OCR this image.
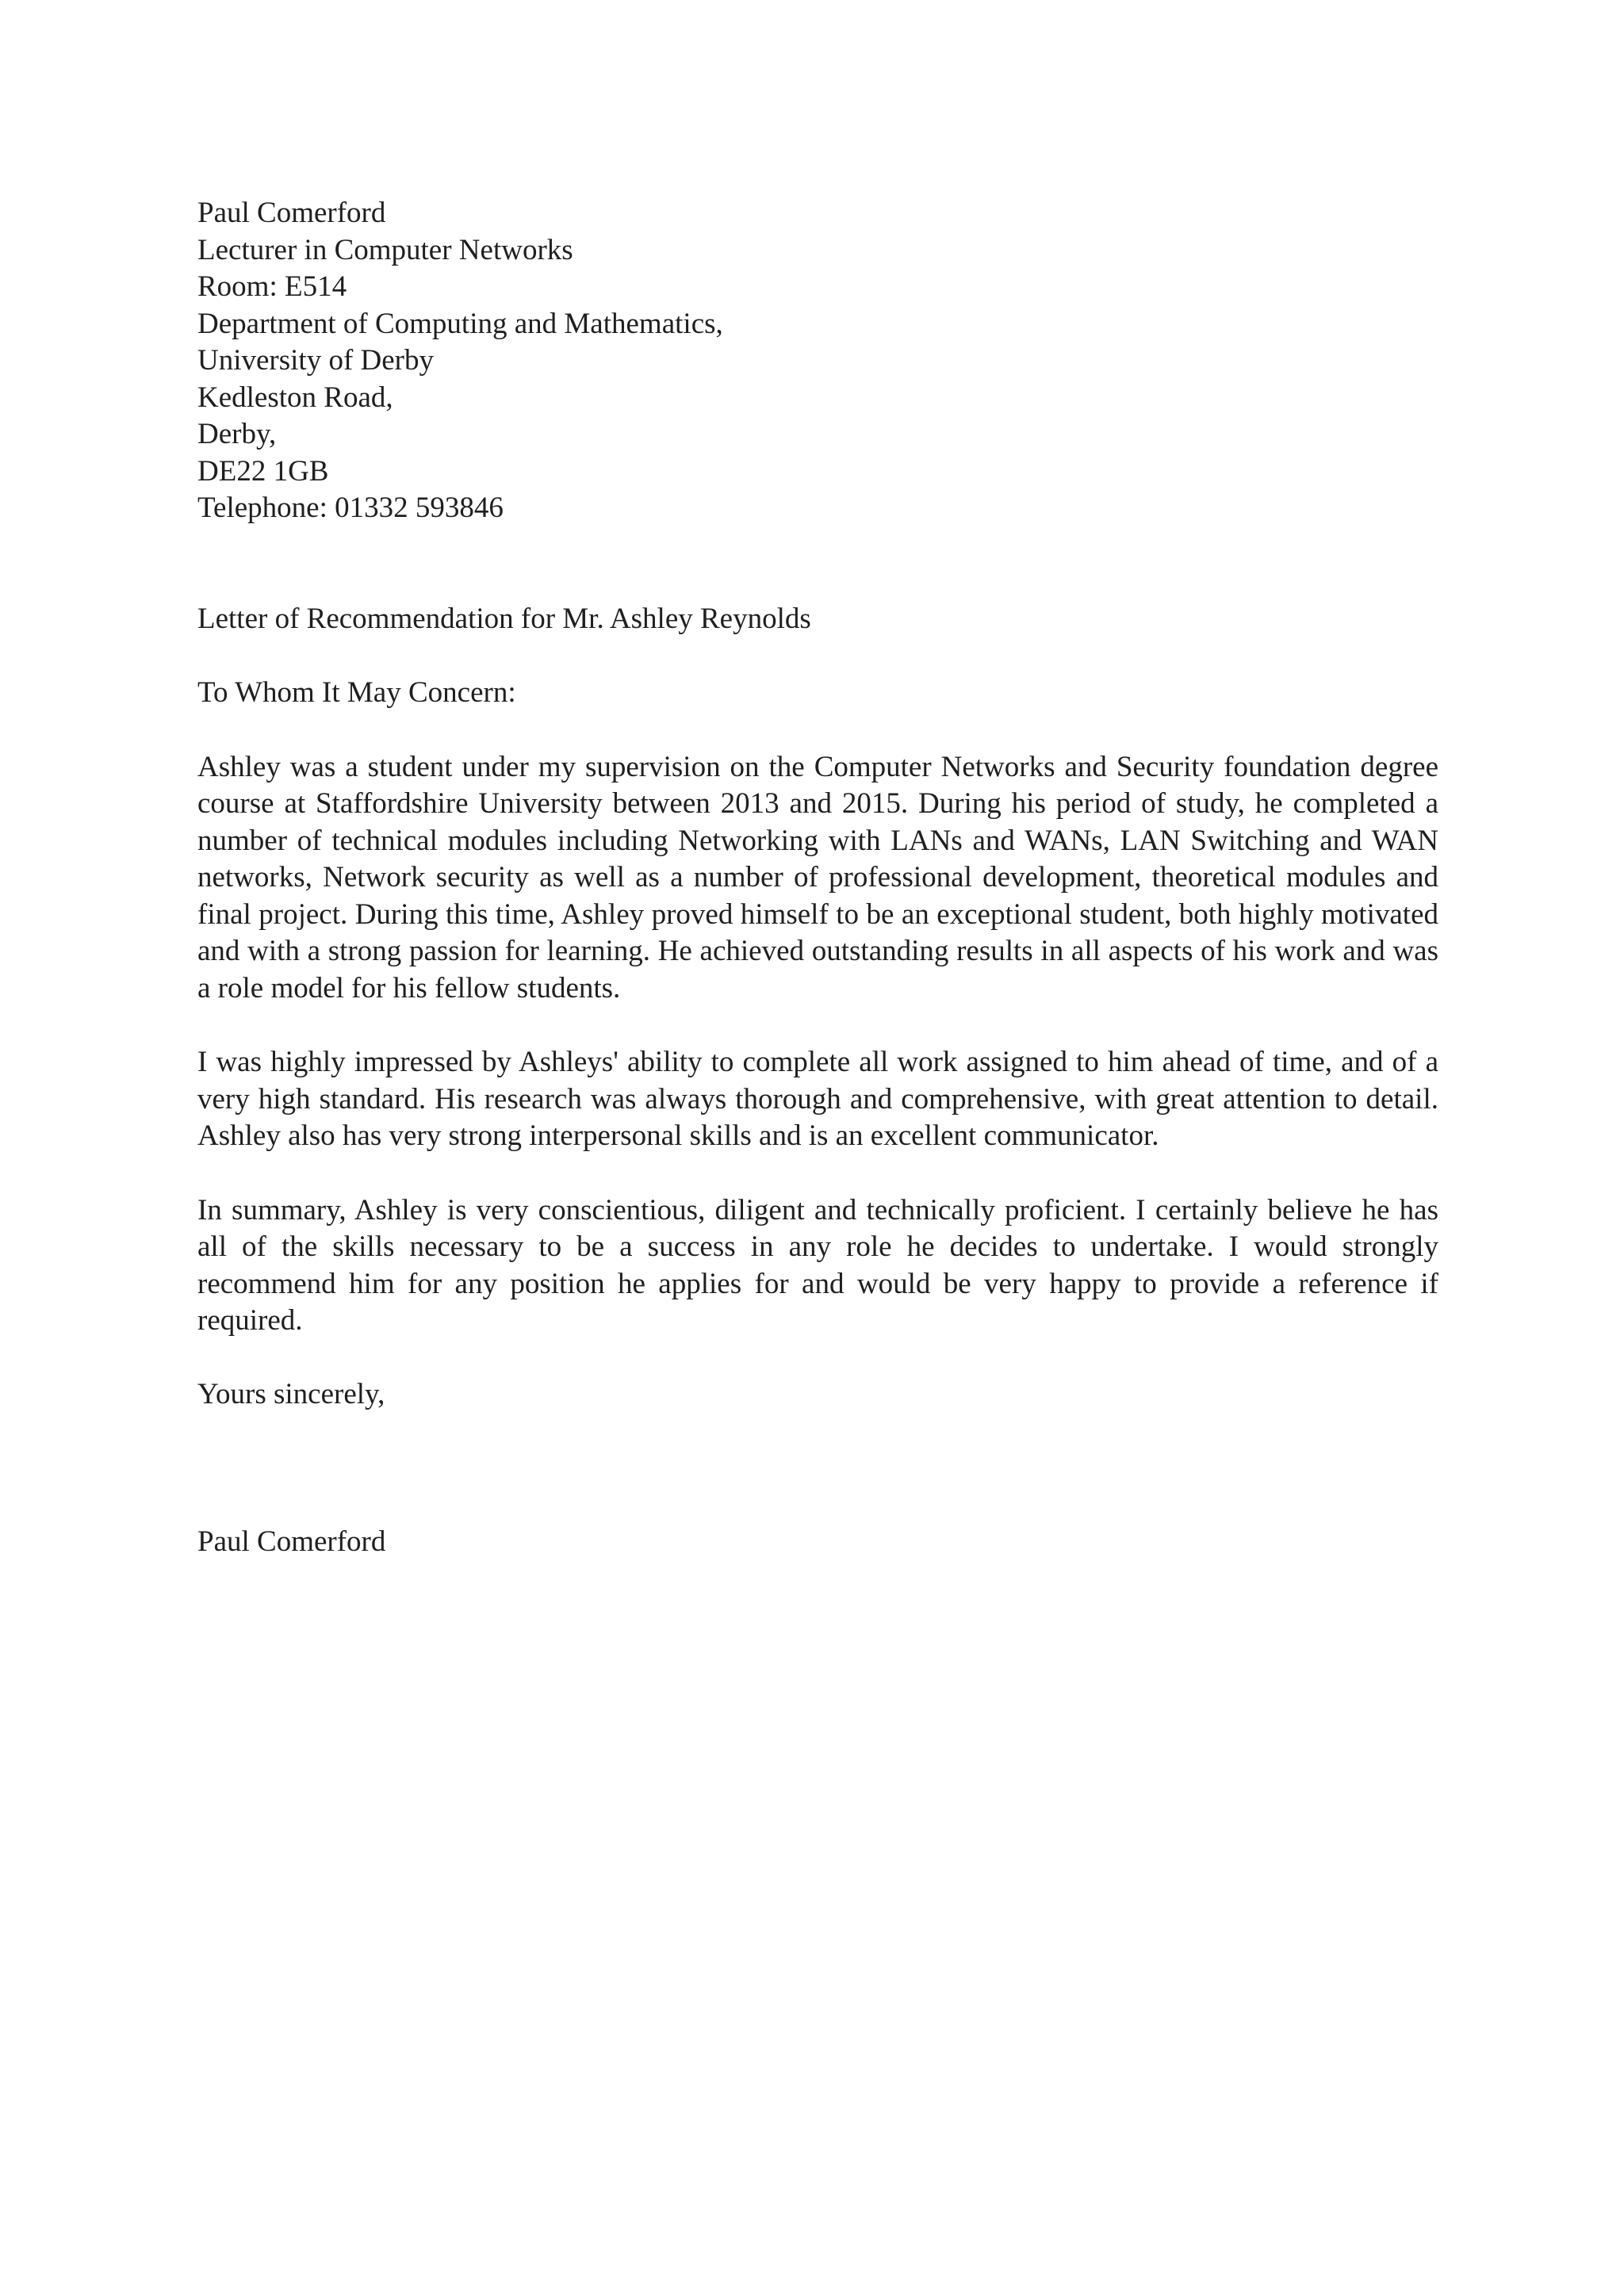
Paul Comerford
Lecturer in Computer Networks
Room: E514
Department of Computing and Mathematics,
University of Derby
Kedleston Road,
Derby,
DE22 1GB
Telephone: 01332 593846
Letter of Recommendation for Mr. Ashley Reynolds
To Whom It May Concern:

Ashley was a student under my supervision on the Computer Networks and Security foundation degree course at Staffordshire University between 2013 and 2015. During his period of study, he completed a number of technical modules including Networking with LANs and WANs, LAN Switching and WAN networks, Network security as well as a number of professional development, theoretical modules and final project. During this time, Ashley proved himself to be an exceptional student, both highly motivated and with a strong passion for learning. He achieved outstanding results in all aspects of his work and was a role model for his fellow students.

I was highly impressed by Ashleys' ability to complete all work assigned to him ahead of time, and of a very high standard. His research was always thorough and comprehensive, with great attention to detail. Ashley also has very strong interpersonal skills and is an excellent communicator.

In summary, Ashley is very conscientious, diligent and technically proficient. I certainly believe he has all of the skills necessary to be a success in any role he decides to undertake. I would strongly recommend him for any position he applies for and would be very happy to provide a reference if required.

Yours sincerely,
Paul Comerford
